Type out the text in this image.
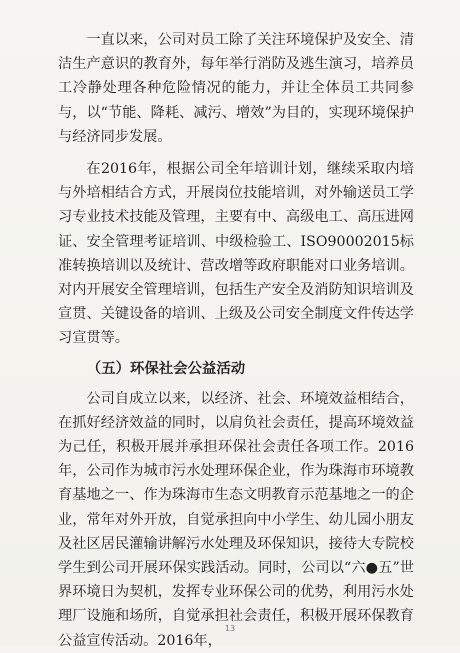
一直以来，公司对员工除了关注环境保护及安全、清洁生产意识的教育外，每年举行消防及逃生演习，培养员工冷静处理各种危险情况的能力，并让全体员工共同参与，以“节能、降耗、减污、增效”为目的，实现环境保护与经济同步发展。

在2016年，根据公司全年培训计划，继续采取内培与外培相结合方式，开展岗位技能培训，对外输送员工学习专业技术技能及管理，主要有中、高级电工、高压进网证、安全管理考证培训、中级检验工、ISO90002015标准转换培训以及统计、营改增等政府职能对口业务培训。对内开展安全管理培训，包括生产安全及消防知识培训及宣贯、关键设备的培训、上级及公司安全制度文件传达学习宣贯等。

（五）环保社会公益活动

公司自成立以来，以经济、社会、环境效益相结合，在抓好经济效益的同时，以肩负社会责任，提高环境效益为己任，积极开展并承担环保社会责任各项工作。2016年，公司作为城市污水处理环保企业，作为珠海市环境教育基地之一、作为珠海市生态文明教育示范基地之一的企业，常年对外开放，自觉承担向中小学生、幼儿园小朋友及社区居民灌输讲解污水处理及环保知识，接待大专院校学生到公司开展环保实践活动。同时，公司以“六●五”世界环境日为契机，发挥专业环保公司的优势，利用污水处理厂设施和场所，自觉承担社会责任，积极开展环保教育公益宣传活动。2016年，

13
